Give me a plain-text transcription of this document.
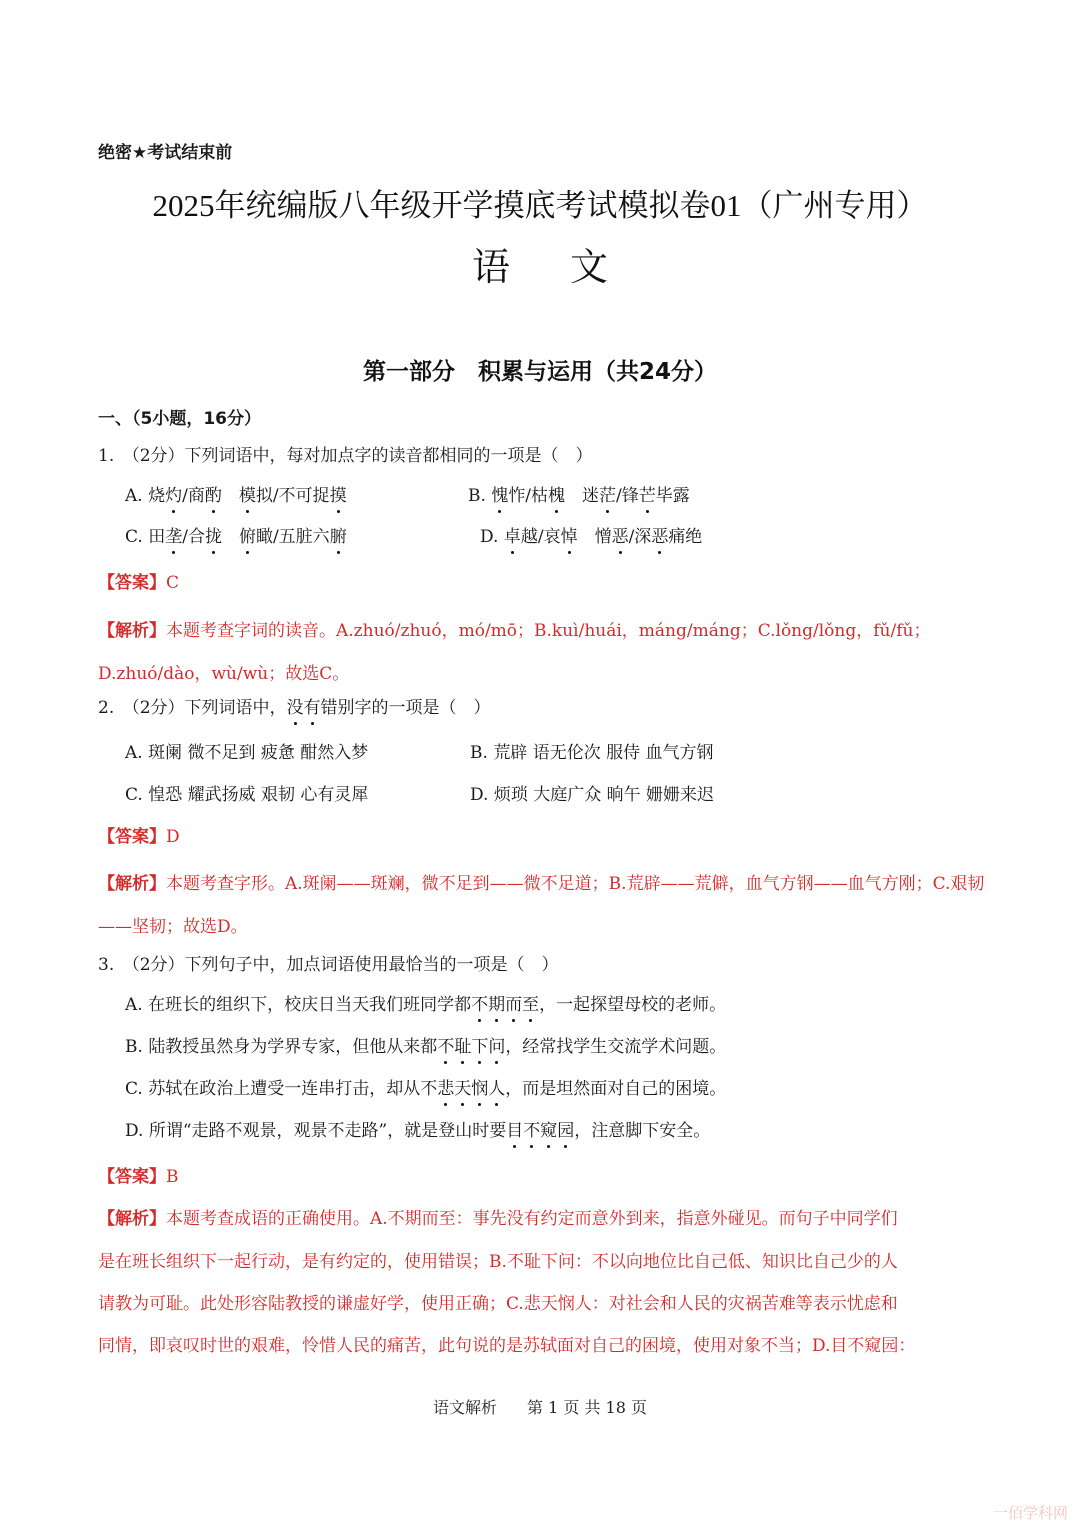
绝密★考试结束前
2025年统编版八年级开学摸底考试模拟卷01（广州专用）
语文
第一部分　积累与运用（共24分）
一、（5小题，16分）
1.　（2分）下列词语中，每对加点字的读音都相同的一项是（　）
A. 烧灼/商酌　 模拟/不可捉摸	B. 愧怍/枯槐　迷茫/锋芒毕露
C. 田垄/合拢　 俯瞰/五脏六腑	D. 卓越/哀悼　憎恶/深恶痛绝
【答案】C
【解析】本题考查字词的读音。A.zhuó/zhuó，mó/mō；B.kuì/huái，máng/máng；C.lǒng/lǒng，fǔ/fǔ；D.zhuó/dào，wù/wù；故选C。
2.　（2分）下列词语中，没有错别字的一项是（　）
A. 斑阑 微不足到 疲惫 酣然入梦	B. 荒辟 语无伦次 服侍 血气方钢
C. 惶恐 耀武扬威 艰韧 心有灵犀	D. 烦琐 大庭广众 晌午 姗姗来迟
【答案】D
【解析】本题考查字形。A.斑阑——斑斓，微不足到——微不足道；B.荒辟——荒僻，血气方钢——血气方刚；C.艰韧——坚韧；故选D。
3.　（2分）下列句子中，加点词语使用最恰当的一项是（　）
A. 在班长的组织下，校庆日当天我们班同学都不期而至，一起探望母校的老师。
B. 陆教授虽然身为学界专家，但他从来都不耻下问，经常找学生交流学术问题。
C. 苏轼在政治上遭受一连串打击，却从不悲天悯人，而是坦然面对自己的困境。
D. 所谓“走路不观景，观景不走路”，就是登山时要目不窥园，注意脚下安全。
【答案】B
【解析】本题考查成语的正确使用。A.不期而至：事先没有约定而意外到来，指意外碰见。而句子中同学们
是在班长组织下一起行动，是有约定的，使用错误；B.不耻下问：不以向地位比自己低、知识比自己少的人
请教为可耻。此处形容陆教授的谦虚好学，使用正确；C.悲天悯人：对社会和人民的灾祸苦难等表示忧虑和
同情，即哀叹时世的艰难，怜惜人民的痛苦，此句说的是苏轼面对自己的困境，使用对象不当；D.目不窥园：
语文解析 第 1 页 共 18 页
一佰学科网
